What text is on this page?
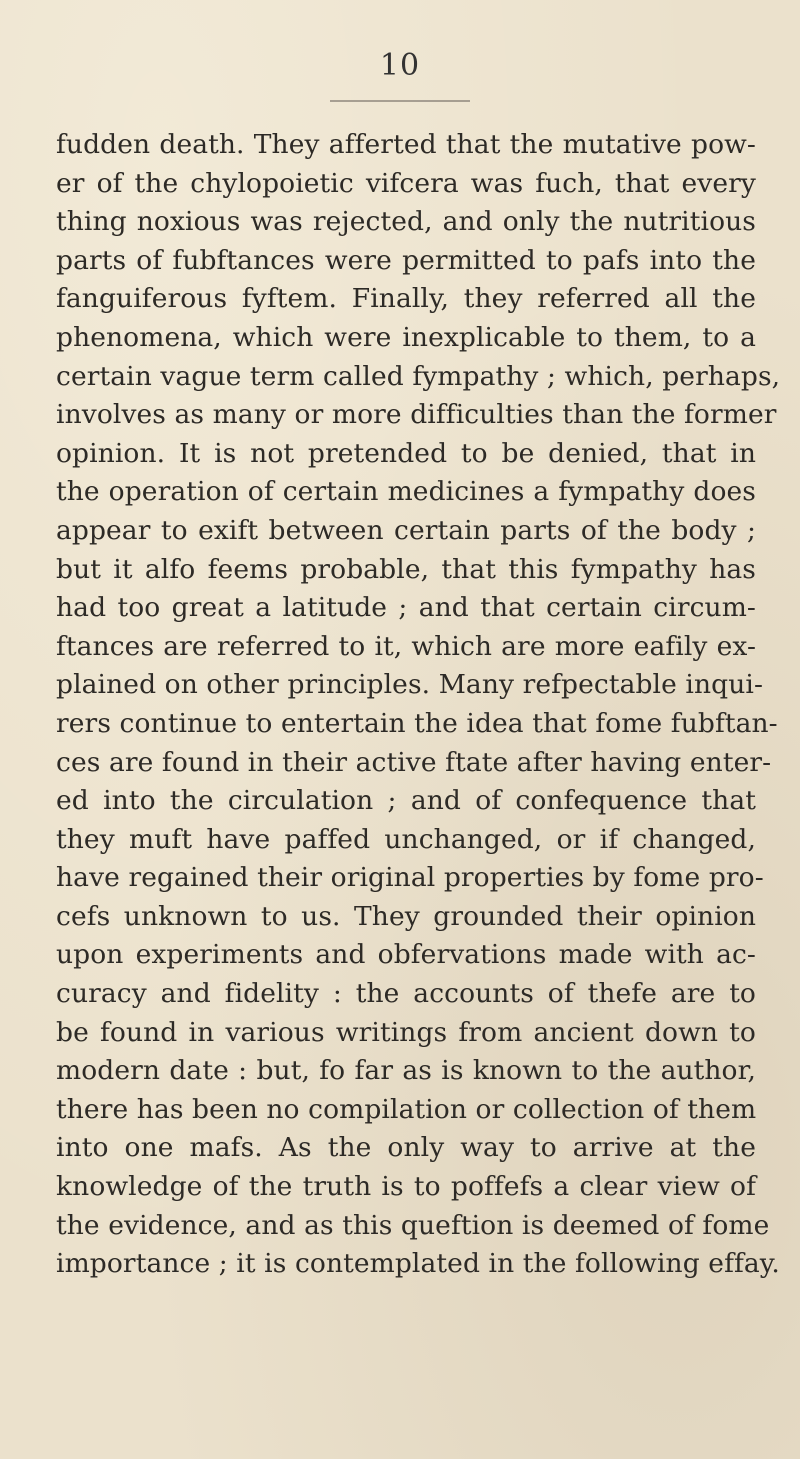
10
fudden death. They afferted that the mutative pow-
er of the chylopoietic vifcera was fuch, that every
thing noxious was rejected, and only the nutritious
parts of fubftances were permitted to pafs into the
fanguiferous fyftem. Finally, they referred all the
phenomena, which were inexplicable to them, to a
certain vague term called fympathy ; which, perhaps,
involves as many or more difficulties than the former
opinion. It is not pretended to be denied, that in
the operation of certain medicines a fympathy does
appear to exift between certain parts of the body ;
but it alfo feems probable, that this fympathy has
had too great a latitude ; and that certain circum-
ftances are referred to it, which are more eafily ex-
plained on other principles. Many refpectable inqui-
rers continue to entertain the idea that fome fubftan-
ces are found in their active ftate after having enter-
ed into the circulation ; and of confequence that
they muft have paffed unchanged, or if changed,
have regained their original properties by fome pro-
cefs unknown to us. They grounded their opinion
upon experiments and obfervations made with ac-
curacy and fidelity : the accounts of thefe are to
be found in various writings from ancient down to
modern date : but, fo far as is known to the author,
there has been no compilation or collection of them
into one mafs. As the only way to arrive at the
knowledge of the truth is to poffefs a clear view of
the evidence, and as this queftion is deemed of fome
importance ; it is contemplated in the following effay.
